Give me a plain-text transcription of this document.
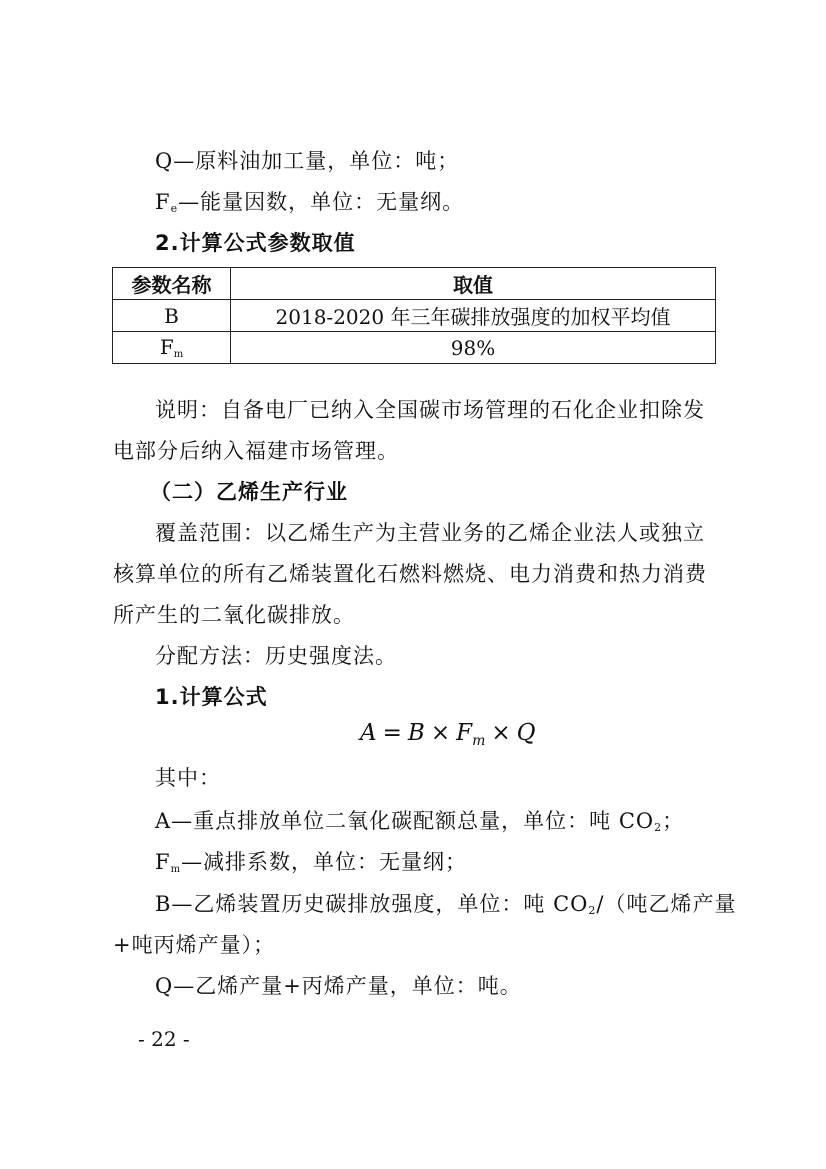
Q—原料油加工量，单位：吨；
$F_e—$能量因数，单位：无量纲。
2.计算公式参数取值
参数名称	取值
B	2018-2020 年三年碳排放强度的加权平均值
$F_m$	98%
说明：自备电厂已纳入全国碳市场管理的石化企业扣除发
电部分后纳入福建市场管理。
（二）乙烯生产行业
覆盖范围：以乙烯生产为主营业务的乙烯企业法人或独立
核算单位的所有乙烯装置化石燃料燃烧、电力消费和热力消费
所产生的二氧化碳排放。
分配方法：历史强度法。
1.计算公式
$A = B \times F_m \times Q$
其中：
A—重点排放单位二氧化碳配额总量，单位：吨 $CO_2$；
$F_m—$减排系数，单位：无量纲；
B—乙烯装置历史碳排放强度，单位：吨 $CO_2/$（吨乙烯产量
+吨丙烯产量）；
Q—乙烯产量+丙烯产量，单位：吨。
- 22 -
